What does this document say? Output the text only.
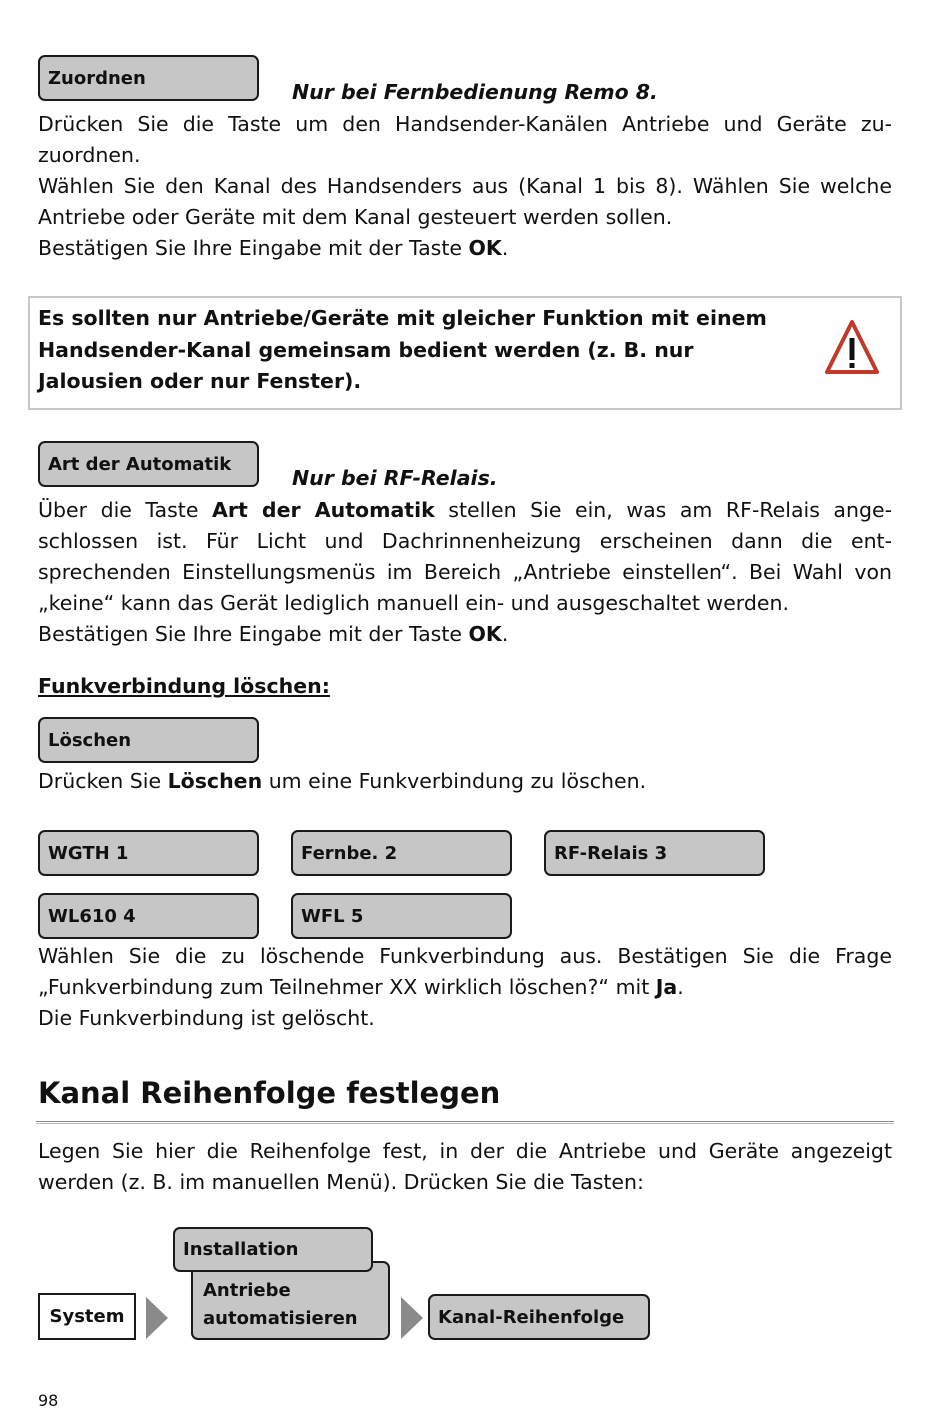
Zuordnen
Nur bei Fernbedienung Remo 8.
Drücken Sie die Taste um den Handsender-Kanälen Antriebe und Geräte zu-
zuordnen.
Wählen Sie den Kanal des Handsenders aus (Kanal 1 bis 8). Wählen Sie welche
Antriebe oder Geräte mit dem Kanal gesteuert werden sollen.
Bestätigen Sie Ihre Eingabe mit der Taste OK.
Es sollten nur Antriebe/Geräte mit gleicher Funktion mit einem
Handsender-Kanal gemeinsam bedient werden (z. B. nur
Jalousien oder nur Fenster).
Art der Automatik
Nur bei RF-Relais.
Über die Taste Art der Automatik stellen Sie ein, was am RF-Relais ange-
schlossen ist. Für Licht und Dachrinnenheizung erscheinen dann die ent-
sprechenden Einstellungsmenüs im Bereich „Antriebe einstellen“. Bei Wahl von
„keine“ kann das Gerät lediglich manuell ein- und ausgeschaltet werden.
Bestätigen Sie Ihre Eingabe mit der Taste OK.
Funkverbindung löschen:
Löschen
Drücken Sie Löschen um eine Funkverbindung zu löschen.
WGTH 1	Fernbe. 2	RF-Relais 3
WL610 4	WFL 5
Wählen Sie die zu löschende Funkverbindung aus. Bestätigen Sie die Frage
„Funkverbindung zum Teilnehmer XX wirklich löschen?“ mit Ja.
Die Funkverbindung ist gelöscht.
Kanal Reihenfolge festlegen
Legen Sie hier die Reihenfolge fest, in der die Antriebe und Geräte angezeigt
werden (z. B. im manuellen Menü). Drücken Sie die Tasten:
System
Antriebe
automatisieren
Installation
Kanal-Reihenfolge
98
